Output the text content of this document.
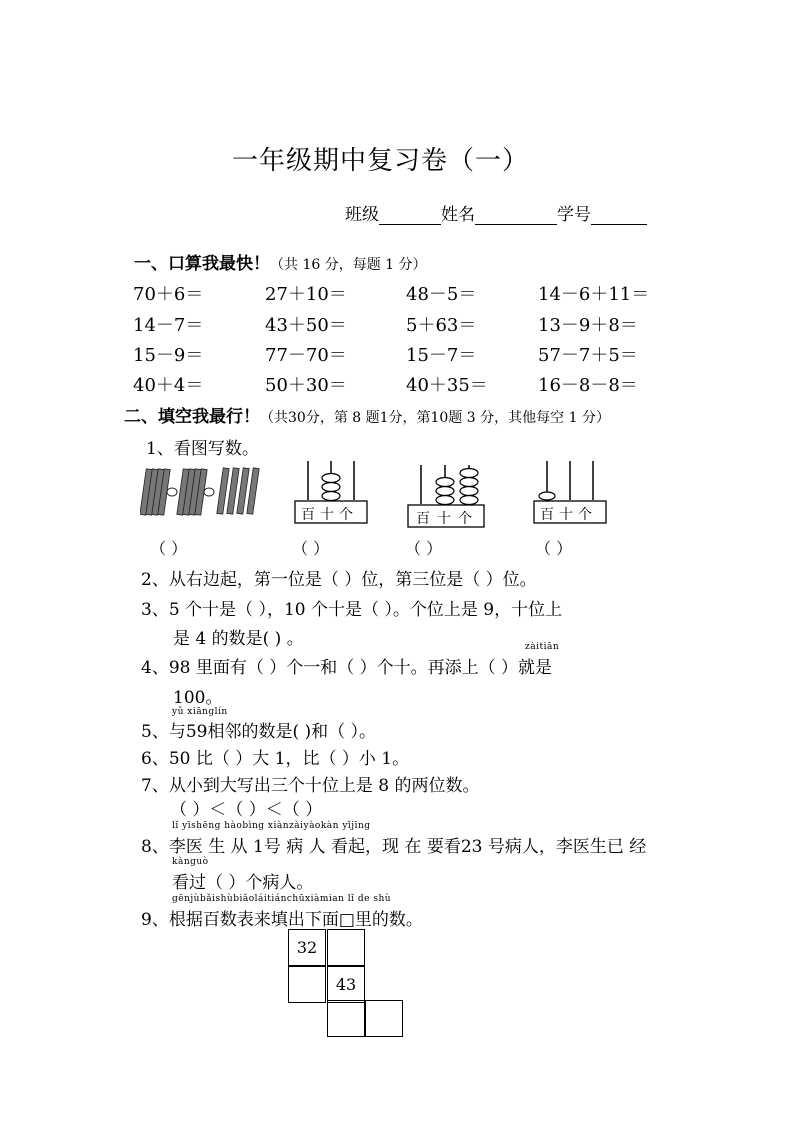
一年级期中复习卷（一）
班级	姓名	学号
一、口算我最快！（共 16 分，每题 1 分）
70＋6＝	27＋10＝	48－5＝	14－6＋11＝
14－7＝	43＋50＝	5＋63＝	13－9＋8＝
15－9＝	77－70＝	15－7＝	57－7＋5＝
40＋4＝	50＋30＝	40＋35＝	16－8－8＝
二、填空我最行！（共30分，第 8 题1分，第10题 3 分，其他每空 1 分）
1、看图写数。
百十个	百十个	百十个
（ ）	（ ）	（ ）	（ ）
2、从右边起，第一位是（ ）位，第三位是（ ）位。
3、5 个十是（ ），10 个十是（ ）。个位上是 9，十位上
是 4 的数是( ) 。	zàitiān
4、98 里面有（ ）个一和（ ）个十。再添上（ ）就是
100。
yǔ xiānglín
5、与59相邻的数是( )和（ ）。
6、50 比（ ）大 1，比（ ）小 1。
7、从小到大写出三个十位上是 8 的两位数。
（ ）＜（ ）＜（ ）
lǐ yīshēng hàobìng xiànzàiyàokàn yǐjīng
8、李医 生 从 1号 病 人 看起，现 在 要看23 号病人，李医生已 经
kànguò
看过（ ）个病人。
gēnjùbǎishùbiǎoláitiánchūxiàmian lǐ de shù
9、根据百数表来填出下面□里的数。
32
43
